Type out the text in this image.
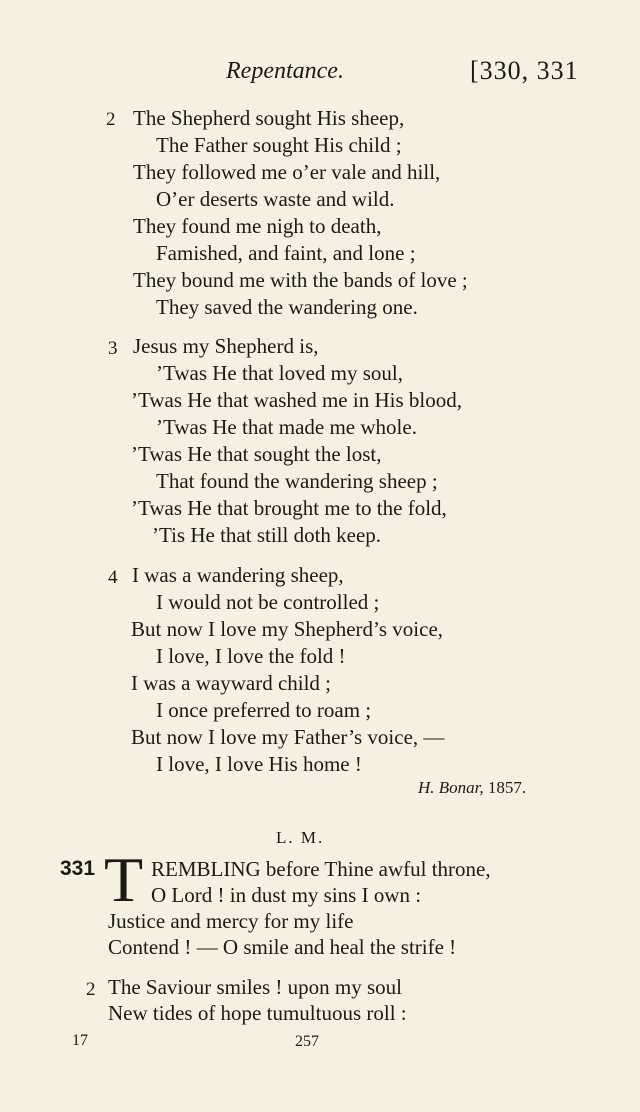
Repentance.	[330, 331
2 The Shepherd sought His sheep,
The Father sought His child ;
They followed me o’er vale and hill,
O’er deserts waste and wild.
They found me nigh to death,
Famished, and faint, and lone ;
They bound me with the bands of love ;
They saved the wandering one.
3 Jesus my Shepherd is,
’Twas He that loved my soul,
’Twas He that washed me in His blood,
’Twas He that made me whole.
’Twas He that sought the lost,
That found the wandering sheep ;
’Twas He that brought me to the fold,
’Tis He that still doth keep.
4 I was a wandering sheep,
I would not be controlled ;
But now I love my Shepherd’s voice,
I love, I love the fold !
I was a wayward child ;
I once preferred to roam ;
But now I love my Father’s voice, —
I love, I love His home !
H. Bonar, 1857.
L. M.
331 T REMBLING before Thine awful throne,
O Lord ! in dust my sins I own :
Justice and mercy for my life
Contend ! — O smile and heal the strife !
2 The Saviour smiles ! upon my soul
New tides of hope tumultuous roll :
17	257
